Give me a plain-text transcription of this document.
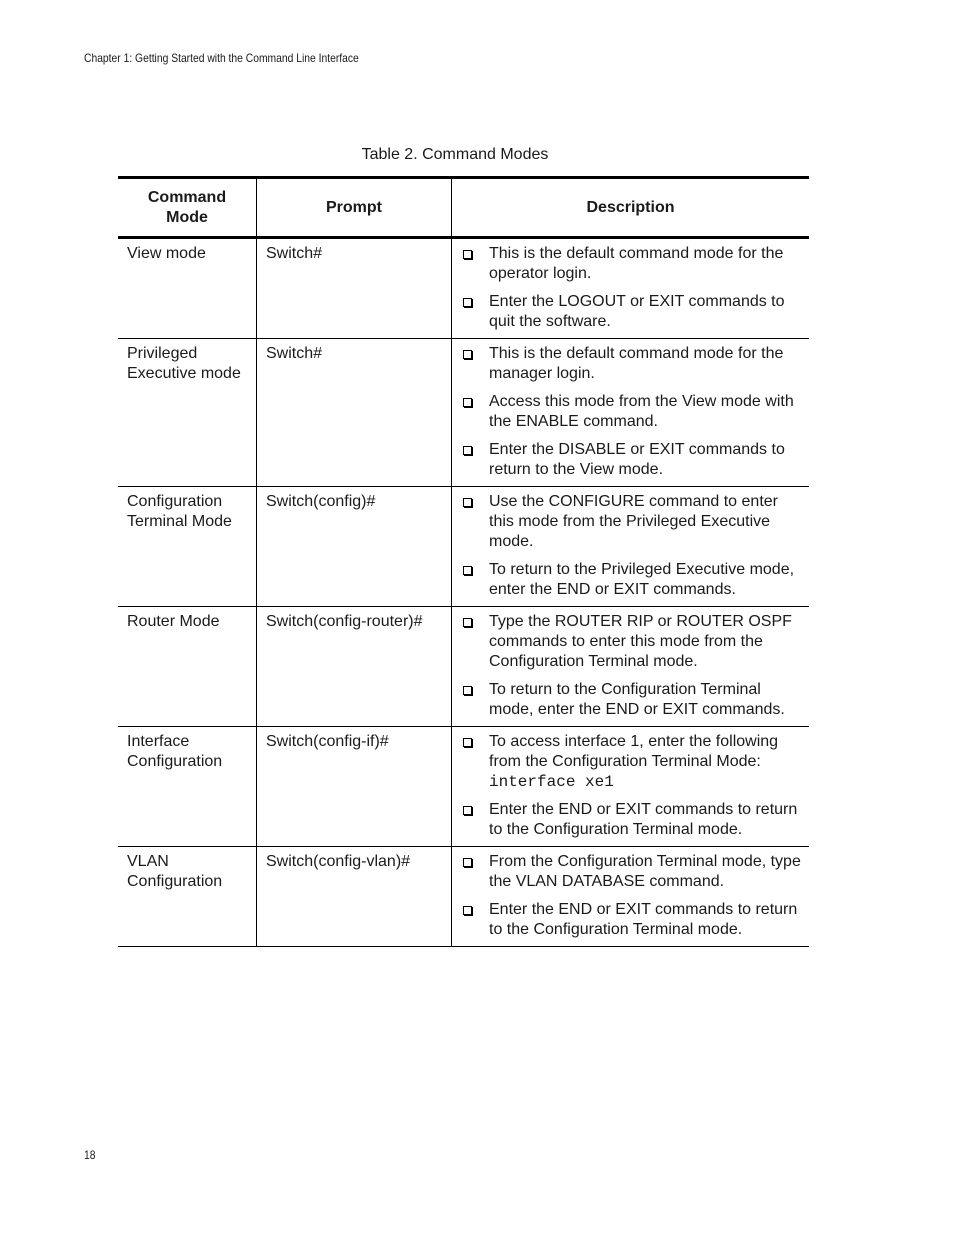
Chapter 1: Getting Started with the Command Line Interface
Table 2. Command Modes
Command Mode	Prompt	Description
View mode	Switch#	This is the default command mode for the operator login.
Enter the LOGOUT or EXIT commands to quit the software.

Privileged Executive mode	Switch#	This is the default command mode for the manager login.
Access this mode from the View mode with the ENABLE command.
Enter the DISABLE or EXIT commands to return to the View mode.

Configuration Terminal Mode	Switch(config)#	Use the CONFIGURE command to enter this mode from the Privileged Executive mode.
To return to the Privileged Executive mode, enter the END or EXIT commands.

Router Mode	Switch(config-router)#	Type the ROUTER RIP or ROUTER OSPF commands to enter this mode from the Configuration Terminal mode.
To return to the Configuration Terminal mode, enter the END or EXIT commands.

Interface Configuration	Switch(config-if)#	To access interface 1, enter the following from the Configuration Terminal Mode:
interface xe1
Enter the END or EXIT commands to return to the Configuration Terminal mode.

VLAN Configuration	Switch(config-vlan)#	From the Configuration Terminal mode, type the VLAN DATABASE command.
Enter the END or EXIT commands to return to the Configuration Terminal mode.
18
